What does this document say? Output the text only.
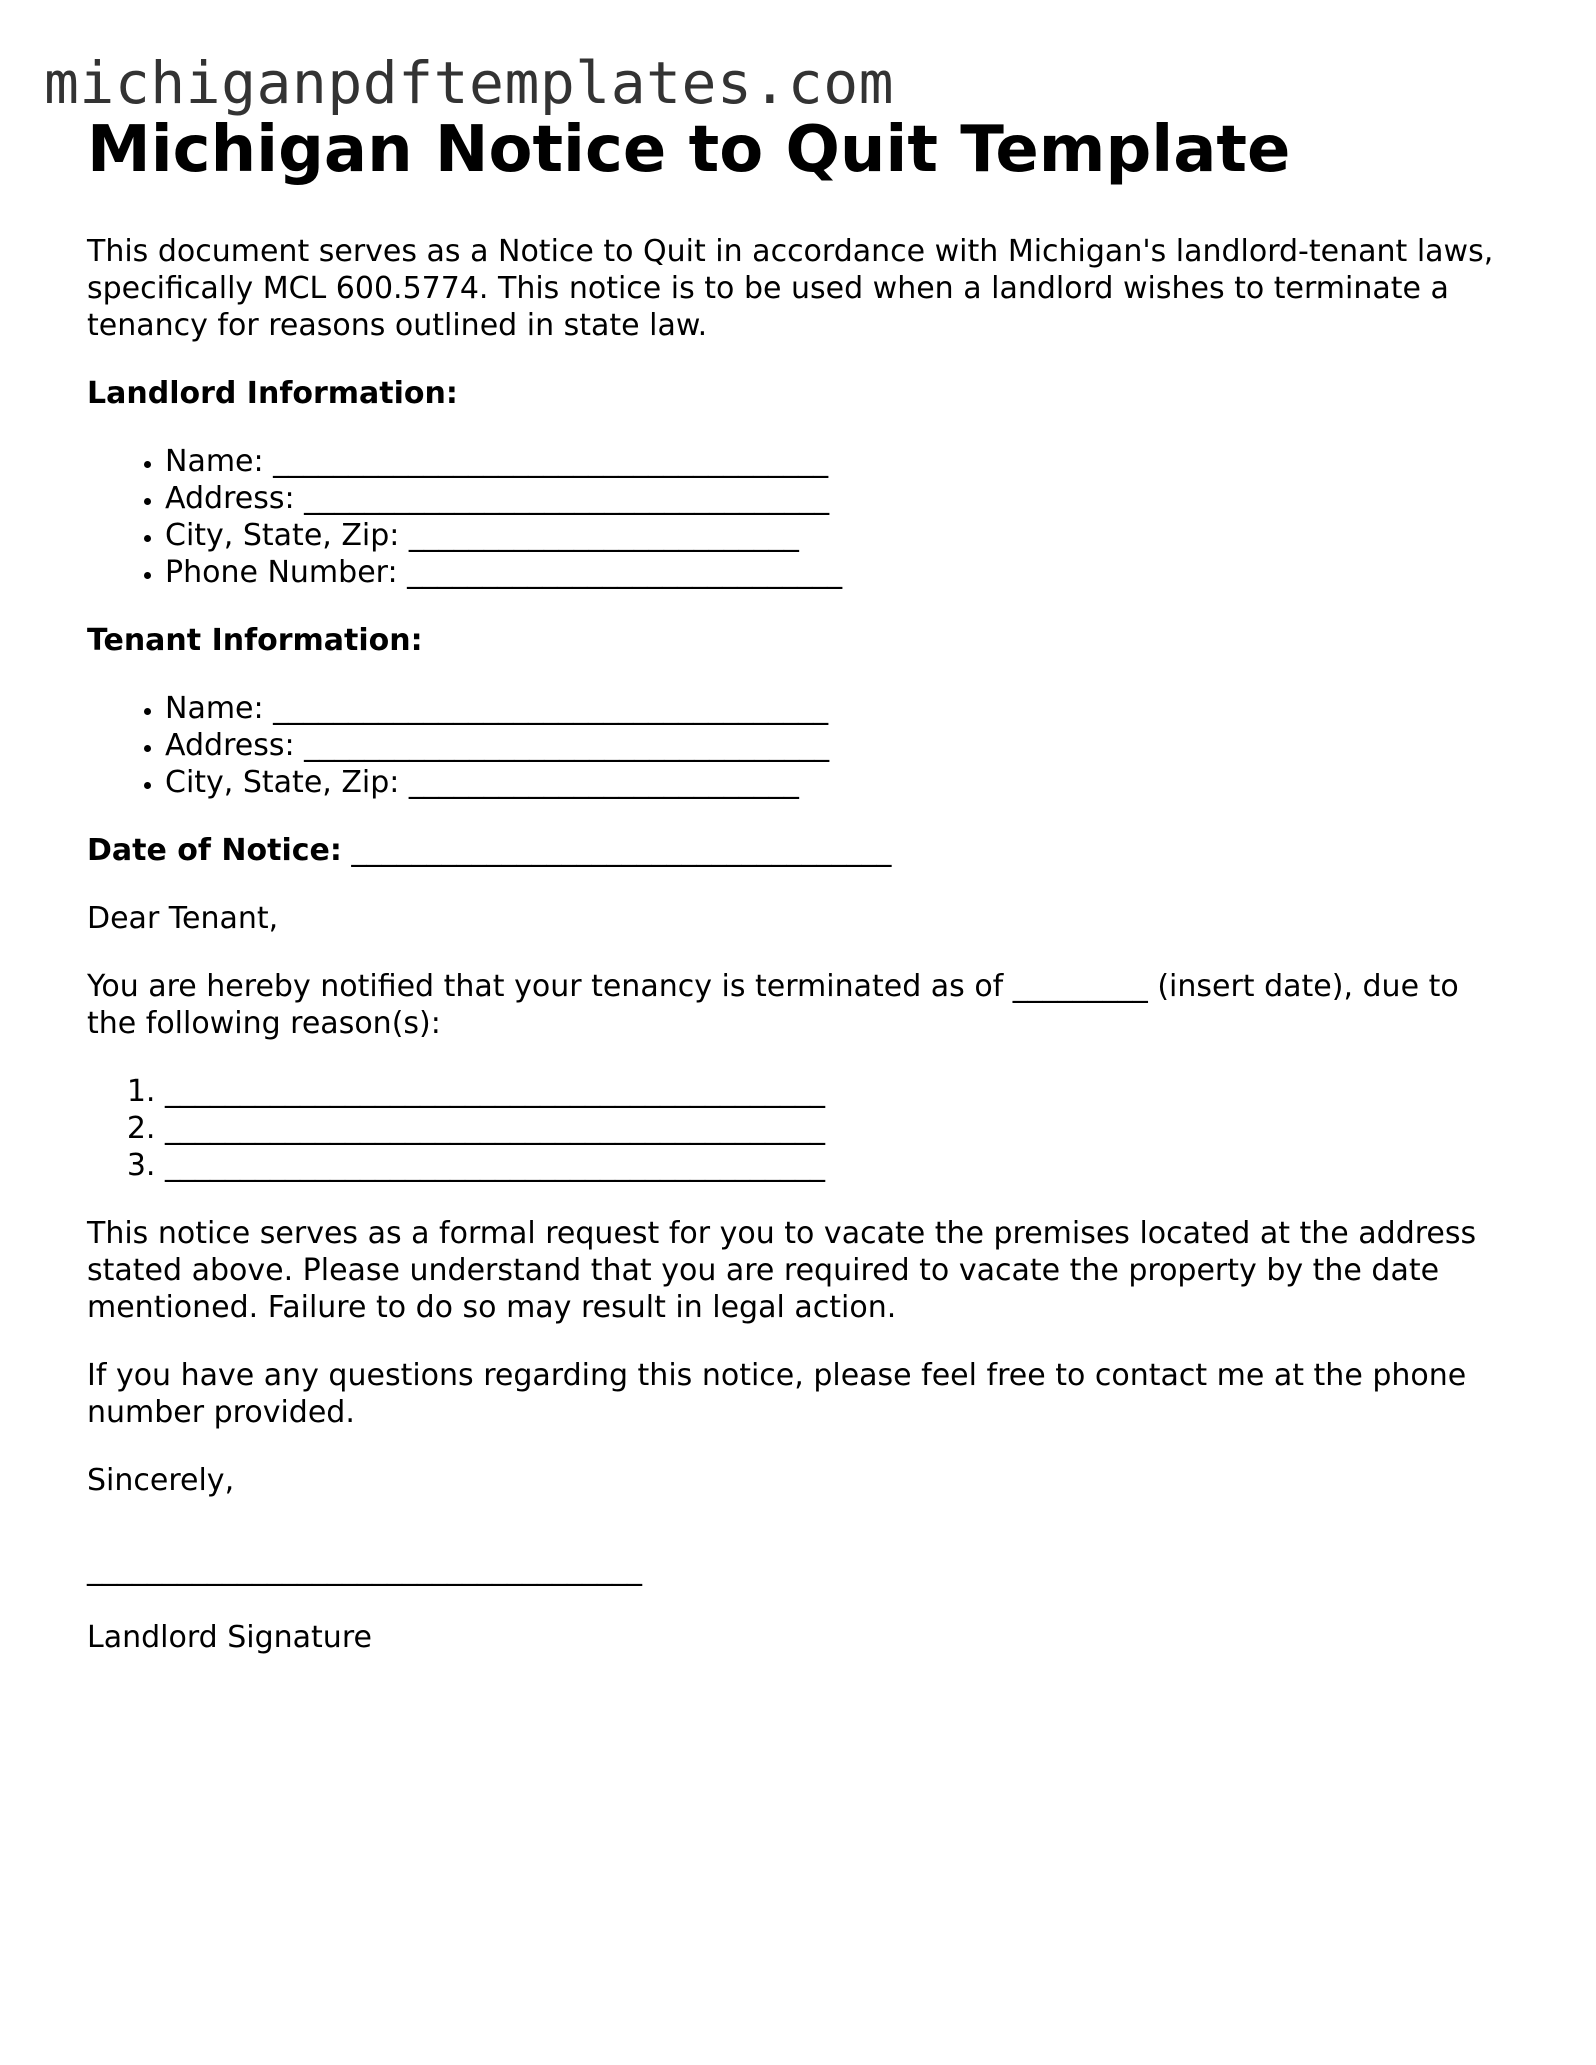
michiganpdftemplates.com
Michigan Notice to Quit Template

This document serves as a Notice to Quit in accordance with Michigan's landlord-tenant laws, specifically MCL 600.5774. This notice is to be used when a landlord wishes to terminate a tenancy for reasons outlined in state law.

Landlord Information:
• Name: _____________________________________
• Address: ___________________________________
• City, State, Zip: __________________________
• Phone Number: _____________________________
Tenant Information:
• Name: _____________________________________
• Address: ___________________________________
• City, State, Zip: __________________________

Date of Notice: ____________________________________

Dear Tenant,

You are hereby notified that your tenancy is terminated as of _________ (insert date), due to the following reason(s):

1. ____________________________________________
2. ____________________________________________
3. ____________________________________________

This notice serves as a formal request for you to vacate the premises located at the address stated above. Please understand that you are required to vacate the property by the date mentioned. Failure to do so may result in legal action.

If you have any questions regarding this notice, please feel free to contact me at the phone number provided.

Sincerely,

_____________________________________

Landlord Signature
